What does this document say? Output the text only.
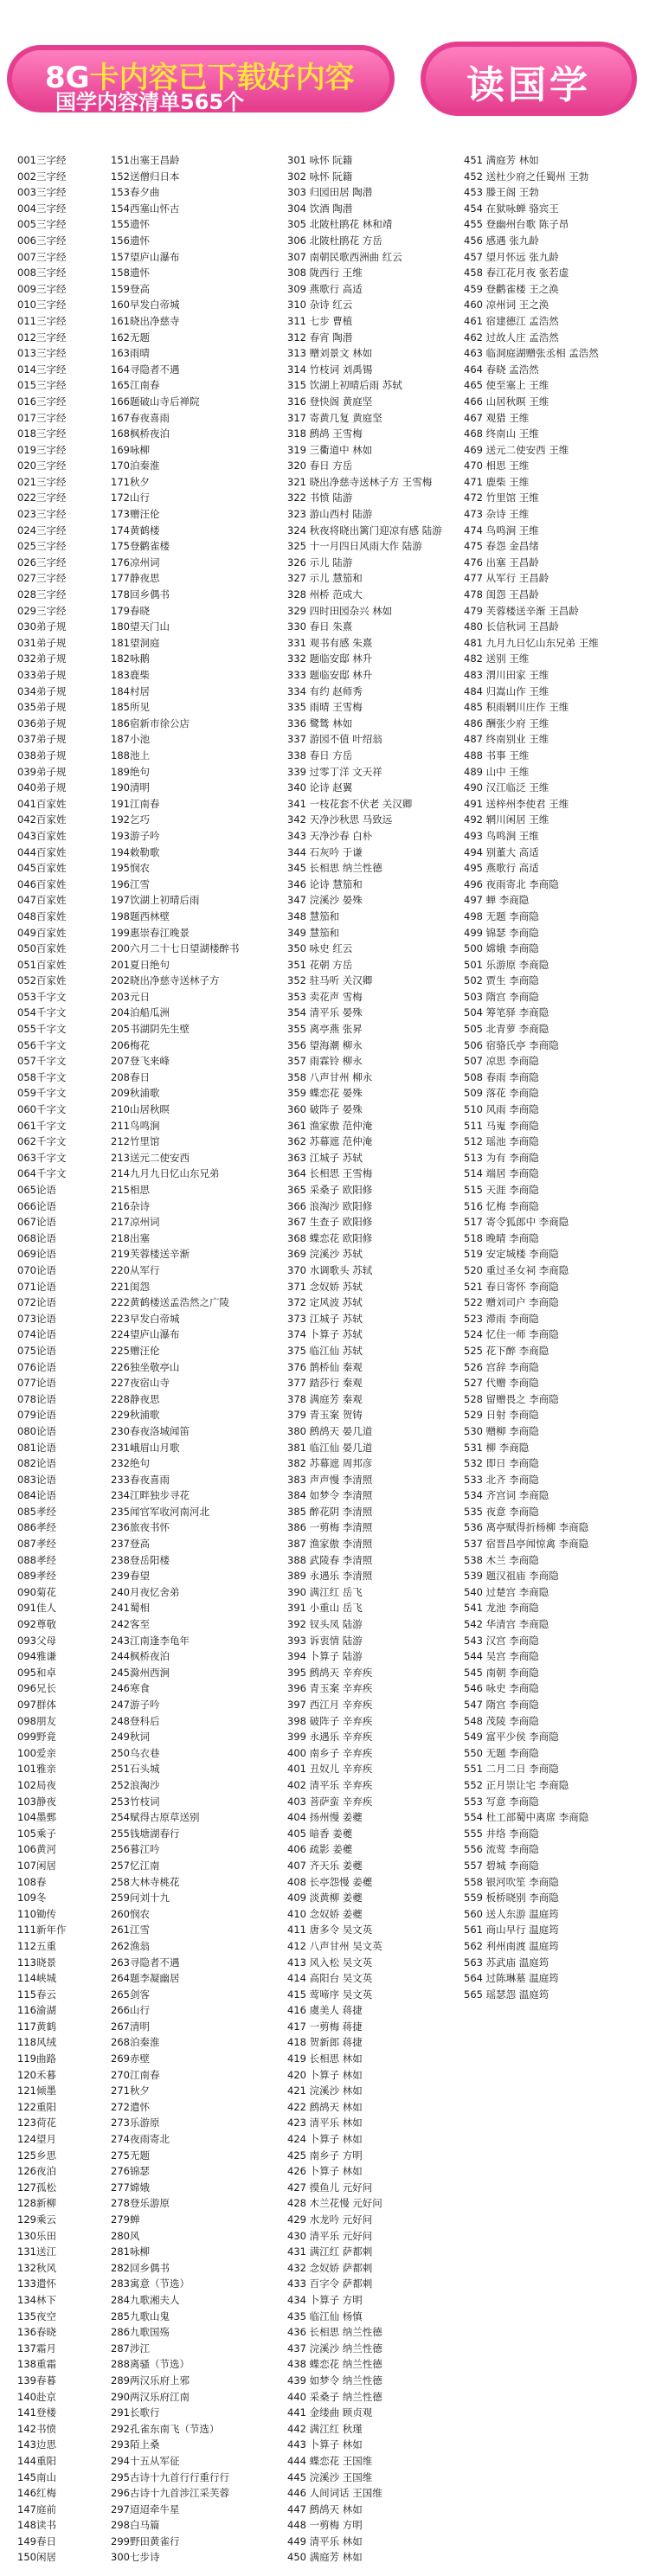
8G卡内容已下载好内容
国学内容清单565个	读国学
001三字经
002三字经
003三字经
004三字经
005三字经
006三字经
007三字经
008三字经
009三字经
010三字经
011三字经
012三字经
013三字经
014三字经
015三字经
016三字经
017三字经
018三字经
019三字经
020三字经
021三字经
022三字经
023三字经
024三字经
025三字经
026三字经
027三字经
028三字经
029三字经
030弟子规
031弟子规
032弟子规
033弟子规
034弟子规
035弟子规
036弟子规
037弟子规
038弟子规
039弟子规
040弟子规
041百家姓
042百家姓
043百家姓
044百家姓
045百家姓
046百家姓
047百家姓
048百家姓
049百家姓
050百家姓
051百家姓
052百家姓
053千字文
054千字文
055千字文
056千字文
057千字文
058千字文
059千字文
060千字文
061千字文
062千字文
063千字文
064千字文
065论语
066论语
067论语
068论语
069论语
070论语
071论语
072论语
073论语
074论语
075论语
076论语
077论语
078论语
079论语
080论语
081论语
082论语
083论语
084论语
085孝经
086孝经
087孝经
088孝经
089孝经
090菊花
091佳人
092尊敬
093父母
094雅谦
095和卓
096兄长
097群体
098朋友
099野竟
100爱亲
101雅亲
102局夜
103静夜
104墨鄄
105乘子
106黄河
107闲居
108春
109冬
110锄传
111新年作
112五重
113晓景
114峡城
115春云
116渝湖
117黄鹤
118风绒
119曲路
120禾暮
121倾墨
122重阳
123荷花
124望月
125乡思
126夜泊
127孤松
128新柳
129乘云
130乐田
131送江
132秋风
133遣怀
134林下
135夜空
136春晓
137霜月
138重霜
139春暮
140赴京
141登楼
142书愤
143边思
144重阳
145南山
146红梅
147庭前
148读书
149春日
150闲居
151出塞王昌龄
152送僧归日本
153春夕曲
154西塞山怀古
155遗怀
156遗怀
157望庐山瀑布
158遗怀
159登高
160早发白帝城
161晓出净慈寺
162无题
163雨晴
164寻隐者不遇
165江南春
166题破山寺后禅院
167春夜喜雨
168枫桥夜泊
169咏柳
170泊秦淮
171秋夕
172山行
173赠汪伦
174黄鹤楼
175登鹳雀楼
176凉州词
177静夜思
178回乡偶书
179春晓
180望天门山
181望洞庭
182咏鹅
183鹿柴
184村居
185所见
186宿新市徐公店
187小池
188池上
189绝句
190清明
191江南春
192乞巧
193游子吟
194敕勒歌
195悯农
196江雪
197饮湖上初晴后雨
198题西林壁
199惠崇春江晚景
200六月二十七日望湖楼醉书
201夏日绝句
202晓出净慈寺送林子方
203元日
204泊船瓜洲
205书湖阴先生壁
206梅花
207登飞来峰
208春日
209秋浦歌
210山居秋暝
211鸟鸣涧
212竹里馆
213送元二使安西
214九月九日忆山东兄弟
215相思
216杂诗
217凉州词
218出塞
219芙蓉楼送辛渐
220从军行
221闺怨
222黄鹤楼送孟浩然之广陵
223早发白帝城
224望庐山瀑布
225赠汪伦
226独坐敬亭山
227夜宿山寺
228静夜思
229秋浦歌
230春夜洛城闻笛
231峨眉山月歌
232绝句
233春夜喜雨
234江畔独步寻花
235闻官军收河南河北
236旅夜书怀
237登高
238登岳阳楼
239春望
240月夜忆舍弟
241蜀相
242客至
243江南逢李龟年
244枫桥夜泊
245滁州西涧
246寒食
247游子吟
248登科后
249秋词
250乌衣巷
251石头城
252浪淘沙
253竹枝词
254赋得古原草送别
255钱塘湖春行
256暮江吟
257忆江南
258大林寺桃花
259问刘十九
260悯农
261江雪
262渔翁
263寻隐者不遇
264题李凝幽居
265剑客
266山行
267清明
268泊秦淮
269赤壁
270江南春
271秋夕
272遣怀
273乐游原
274夜雨寄北
275无题
276锦瑟
277嫦娥
278登乐游原
279蝉
280风
281咏柳
282回乡偶书
283寓意（节选）
284九歌湘夫人
285九歌山鬼
286九歌国殇
287涉江
288离骚（节选）
289两汉乐府上邪
290两汉乐府江南
291长歌行
292孔雀东南飞（节选）
293陌上桑
294十五从军征
295古诗十九首行行重行行
296古诗十九首涉江采芙蓉
297迢迢牵牛星
298白马篇
299野田黄雀行
300七步诗
301 咏怀 阮籍
302 咏怀 阮籍
303 归园田居 陶潜
304 饮酒 陶潜
305 北陂杜鹃花 林和靖
306 北陂杜鹃花 方岳
307 南朝民歌西洲曲 红云
308 陇西行 王维
309 燕歌行 高适
310 杂诗 红云
311 七步 曹植
312 春宵 陶潜
313 赠刘景文 林如
314 竹枝词 刘禹锡
315 饮湖上初晴后雨 苏轼
316 登快阁 黄庭坚
317 寄黄几复 黄庭坚
318 鹧鸪 王雪梅
319 三衢道中 林如
320 春日 方岳
321 晓出净慈寺送林子方 王雪梅
322 书愤 陆游
323 游山西村 陆游
324 秋夜将晓出篱门迎凉有感 陆游
325 十一月四日风雨大作 陆游
326 示儿 陆游
327 示儿 慧笳和
328 州桥 范成大
329 四时田园杂兴 林如
330 春日 朱熹
331 观书有感 朱熹
332 题临安邸 林升
333 题临安邸 林升
334 有约 赵师秀
335 雨晴 王雪梅
336 鹭鸶 林如
337 游园不值 叶绍翁
338 春日 方岳
339 过零丁洋 文天祥
340 论诗 赵翼
341 一枝花套不伏老 关汉卿
342 天净沙秋思 马致远
343 天净沙春 白朴
344 石灰吟 于谦
345 长相思 纳兰性德
346 论诗 慧笳和
347 浣溪沙 晏殊
348 慧笳和
349 慧笳和
350 咏史 红云
351 花朝 方岳
352 驻马听 关汉卿
353 卖花声 雪梅
354 清平乐 晏殊
355 离亭燕 张昇
356 望海潮 柳永
357 雨霖铃 柳永
358 八声甘州 柳永
359 蝶恋花 晏殊
360 破阵子 晏殊
361 渔家傲 范仲淹
362 苏幕遮 范仲淹
363 江城子 苏轼
364 长相思 王雪梅
365 采桑子 欧阳修
366 浪淘沙 欧阳修
367 生查子 欧阳修
368 蝶恋花 欧阳修
369 浣溪沙 苏轼
370 水调歌头 苏轼
371 念奴娇 苏轼
372 定风波 苏轼
373 江城子 苏轼
374 卜算子 苏轼
375 临江仙 苏轼
376 鹊桥仙 秦观
377 踏莎行 秦观
378 满庭芳 秦观
379 青玉案 贺铸
380 鹧鸪天 晏几道
381 临江仙 晏几道
382 苏幕遮 周邦彦
383 声声慢 李清照
384 如梦令 李清照
385 醉花阴 李清照
386 一剪梅 李清照
387 渔家傲 李清照
388 武陵春 李清照
389 永遇乐 李清照
390 满江红 岳飞
391 小重山 岳飞
392 钗头凤 陆游
393 诉衷情 陆游
394 卜算子 陆游
395 鹧鸪天 辛弃疾
396 青玉案 辛弃疾
397 西江月 辛弃疾
398 破阵子 辛弃疾
399 永遇乐 辛弃疾
400 南乡子 辛弃疾
401 丑奴儿 辛弃疾
402 清平乐 辛弃疾
403 菩萨蛮 辛弃疾
404 扬州慢 姜夔
405 暗香 姜夔
406 疏影 姜夔
407 齐天乐 姜夔
408 长亭怨慢 姜夔
409 淡黄柳 姜夔
410 念奴娇 姜夔
411 唐多令 吴文英
412 八声甘州 吴文英
413 风入松 吴文英
414 高阳台 吴文英
415 莺啼序 吴文英
416 虞美人 蒋捷
417 一剪梅 蒋捷
418 贺新郎 蒋捷
419 长相思 林如
420 卜算子 林如
421 浣溪沙 林如
422 鹧鸪天 林如
423 清平乐 林如
424 卜算子 林如
425 南乡子 方明
426 卜算子 林如
427 摸鱼儿 元好问
428 木兰花慢 元好问
429 水龙吟 元好问
430 清平乐 元好问
431 满江红 萨都剌
432 念奴娇 萨都剌
433 百字令 萨都剌
434 卜算子 方明
435 临江仙 杨慎
436 长相思 纳兰性德
437 浣溪沙 纳兰性德
438 蝶恋花 纳兰性德
439 如梦令 纳兰性德
440 采桑子 纳兰性德
441 金缕曲 顾贞观
442 满江红 秋瑾
443 卜算子 林如
444 蝶恋花 王国维
445 浣溪沙 王国维
446 人间词话 王国维
447 鹧鸪天 林如
448 一剪梅 方明
449 清平乐 林如
450 满庭芳 林如
451 满庭芳 林如
452 送杜少府之任蜀州 王勃
453 滕王阁 王勃
454 在狱咏蝉 骆宾王
455 登幽州台歌 陈子昂
456 感遇 张九龄
457 望月怀远 张九龄
458 春江花月夜 张若虚
459 登鹳雀楼 王之涣
460 凉州词 王之涣
461 宿建德江 孟浩然
462 过故人庄 孟浩然
463 临洞庭湖赠张丞相 孟浩然
464 春晓 孟浩然
465 使至塞上 王维
466 山居秋暝 王维
467 观猎 王维
468 终南山 王维
469 送元二使安西 王维
470 相思 王维
471 鹿柴 王维
472 竹里馆 王维
473 杂诗 王维
474 鸟鸣涧 王维
475 春怨 金昌绪
476 出塞 王昌龄
477 从军行 王昌龄
478 闺怨 王昌龄
479 芙蓉楼送辛渐 王昌龄
480 长信秋词 王昌龄
481 九月九日忆山东兄弟 王维
482 送别 王维
483 渭川田家 王维
484 归嵩山作 王维
485 积雨辋川庄作 王维
486 酬张少府 王维
487 终南别业 王维
488 书事 王维
489 山中 王维
490 汉江临泛 王维
491 送梓州李使君 王维
492 辋川闲居 王维
493 鸟鸣涧 王维
494 别董大 高适
495 燕歌行 高适
496 夜雨寄北 李商隐
497 蝉 李商隐
498 无题 李商隐
499 锦瑟 李商隐
500 嫦娥 李商隐
501 乐游原 李商隐
502 贾生 李商隐
503 隋宫 李商隐
504 筹笔驿 李商隐
505 北青萝 李商隐
506 宿骆氏亭 李商隐
507 凉思 李商隐
508 春雨 李商隐
509 落花 李商隐
510 风雨 李商隐
511 马嵬 李商隐
512 瑶池 李商隐
513 为有 李商隐
514 端居 李商隐
515 天涯 李商隐
516 忆梅 李商隐
517 寄令狐郎中 李商隐
518 晚晴 李商隐
519 安定城楼 李商隐
520 重过圣女祠 李商隐
521 春日寄怀 李商隐
522 赠刘司户 李商隐
523 滞雨 李商隐
524 忆住一师 李商隐
525 花下醉 李商隐
526 宫辞 李商隐
527 代赠 李商隐
528 留赠畏之 李商隐
529 日射 李商隐
530 赠柳 李商隐
531 柳 李商隐
532 即日 李商隐
533 北齐 李商隐
534 齐宫词 李商隐
535 夜意 李商隐
536 离亭赋得折杨柳 李商隐
537 宿晋昌亭闻惊禽 李商隐
538 木兰 李商隐
539 题汉祖庙 李商隐
540 过楚宫 李商隐
541 龙池 李商隐
542 华清宫 李商隐
543 汉宫 李商隐
544 吴宫 李商隐
545 南朝 李商隐
546 咏史 李商隐
547 隋宫 李商隐
548 茂陵 李商隐
549 富平少侯 李商隐
550 无题 李商隐
551 二月二日 李商隐
552 正月崇让宅 李商隐
553 写意 李商隐
554 杜工部蜀中离席 李商隐
555 井络 李商隐
556 流莺 李商隐
557 碧城 李商隐
558 银河吹笙 李商隐
559 板桥晓别 李商隐
560 送人东游 温庭筠
561 商山早行 温庭筠
562 利州南渡 温庭筠
563 苏武庙 温庭筠
564 过陈琳墓 温庭筠
565 瑶瑟怨 温庭筠
